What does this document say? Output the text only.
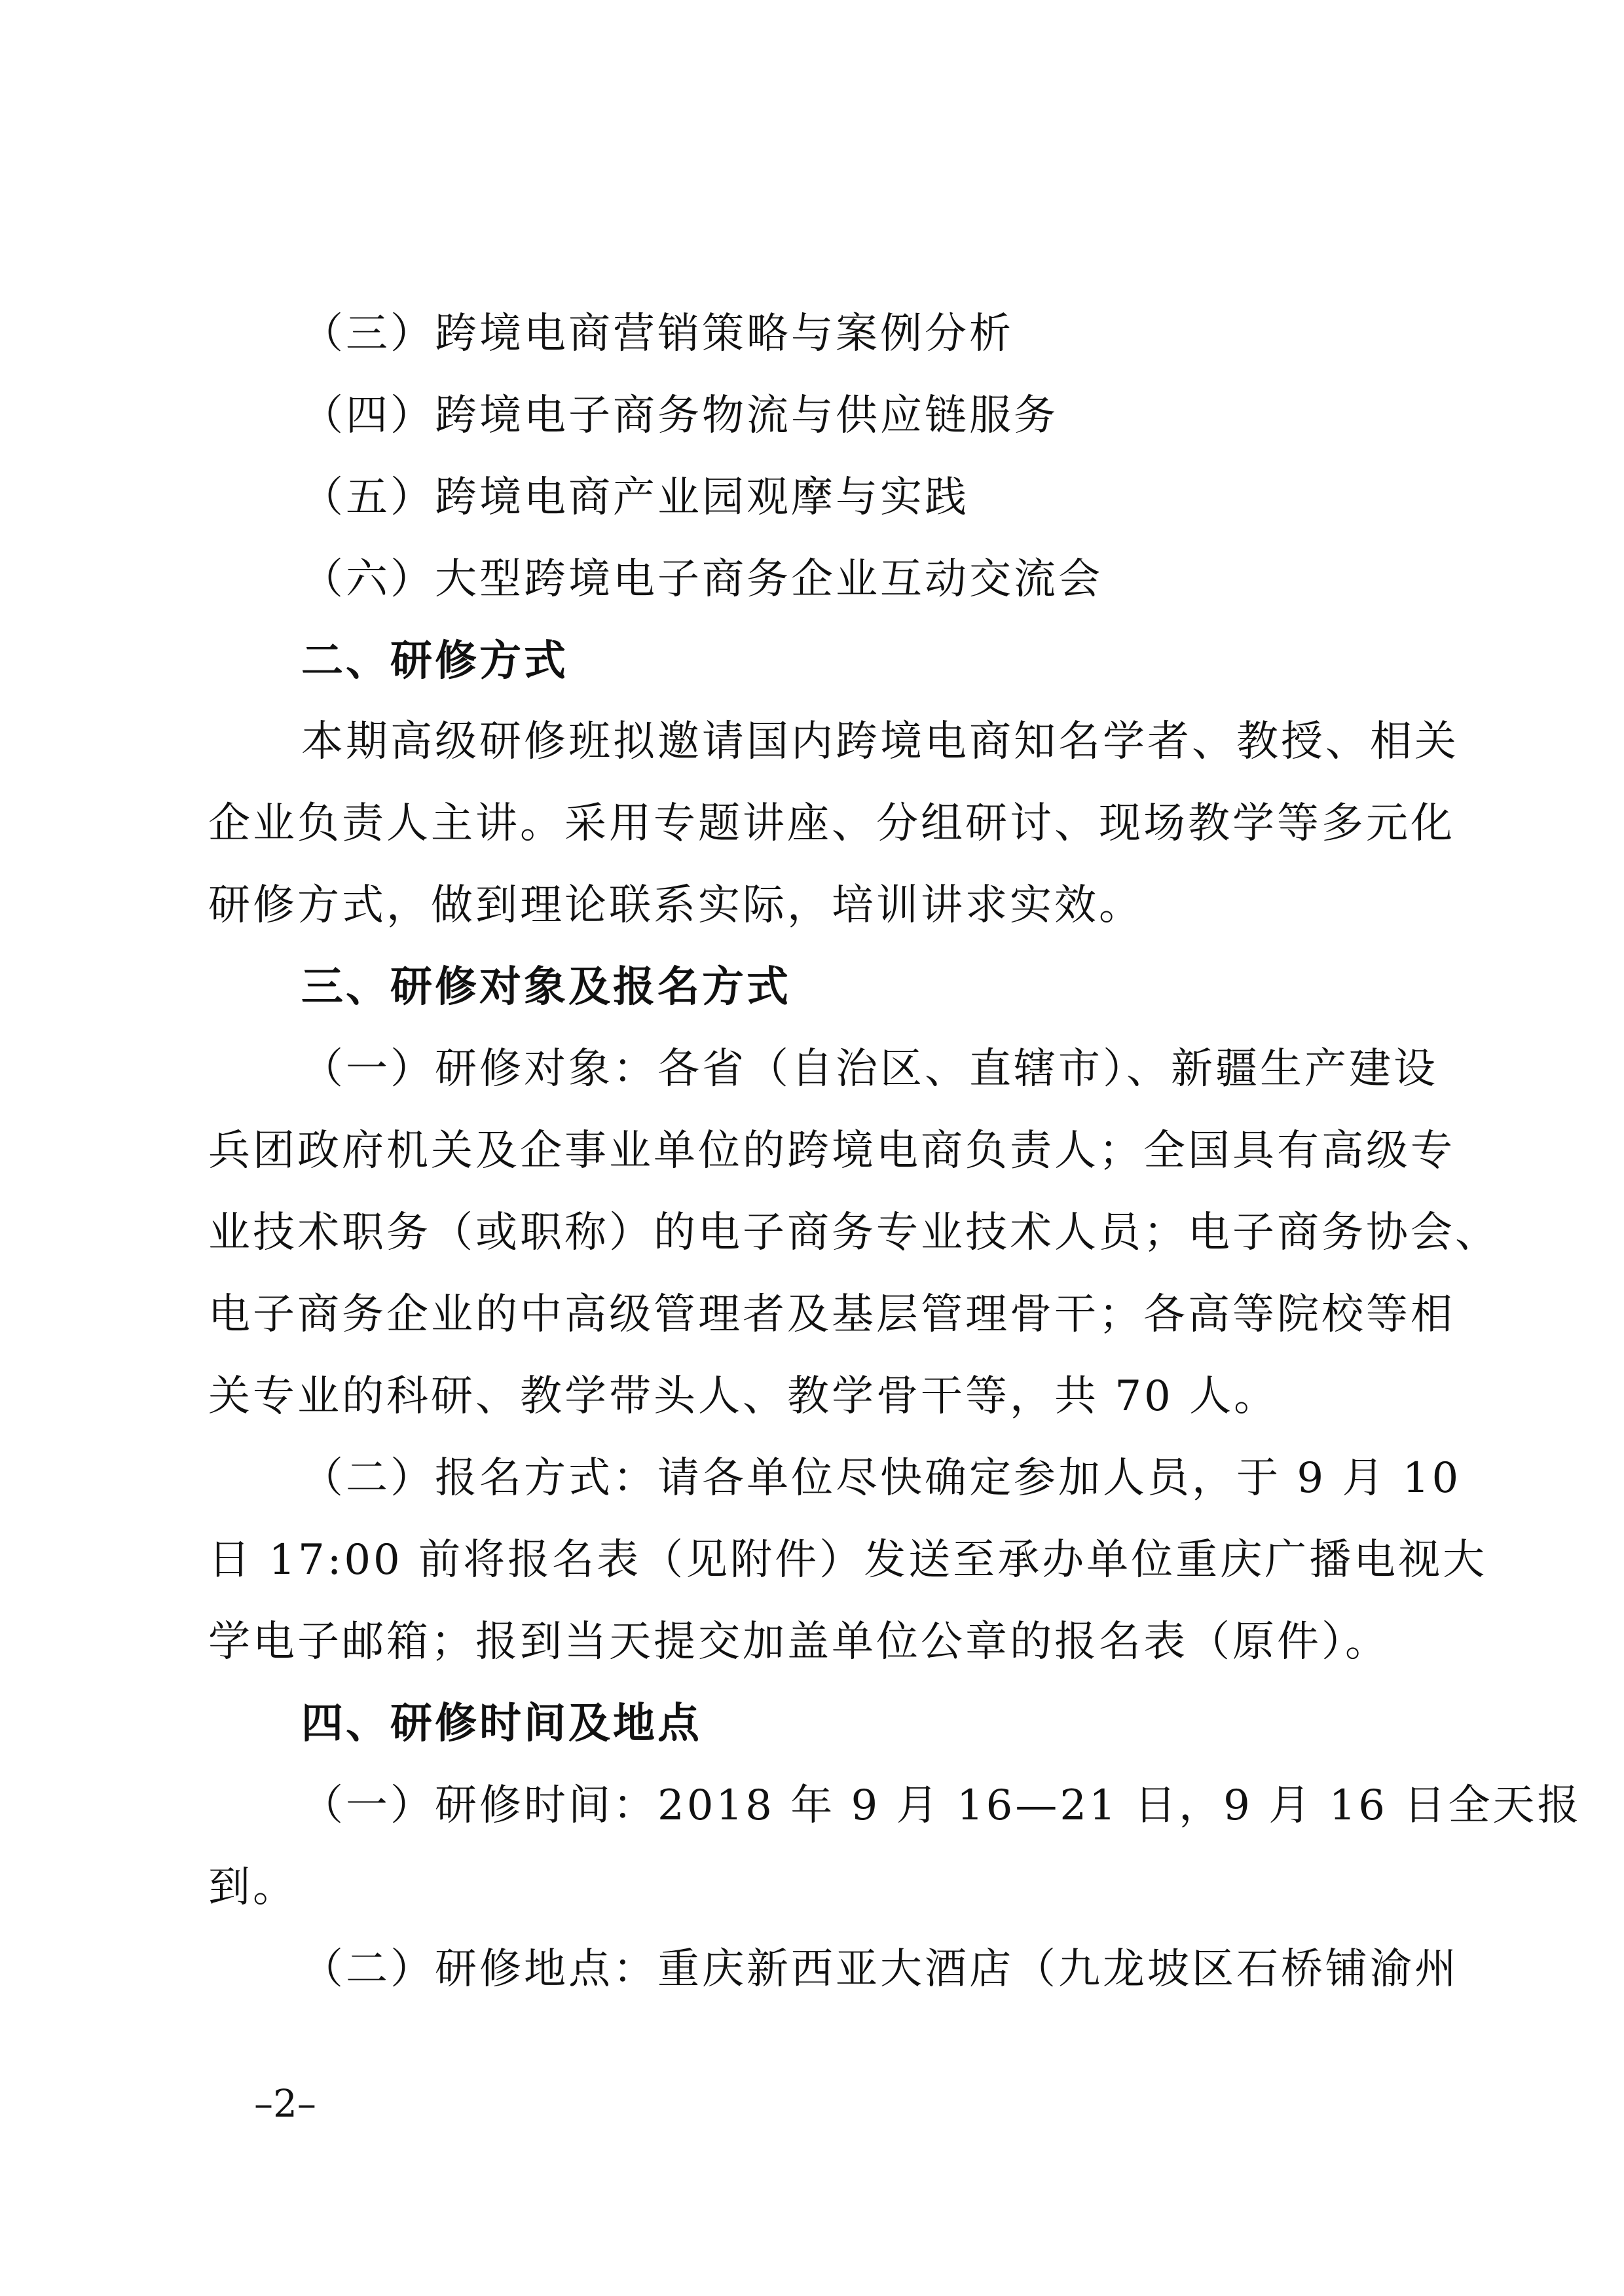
（三）跨境电商营销策略与案例分析
（四）跨境电子商务物流与供应链服务
（五）跨境电商产业园观摩与实践
（六）大型跨境电子商务企业互动交流会
二、研修方式
本期高级研修班拟邀请国内跨境电商知名学者、教授、相关
企业负责人主讲。采用专题讲座、分组研讨、现场教学等多元化
研修方式，做到理论联系实际，培训讲求实效。
三、研修对象及报名方式
（一）研修对象：各省（自治区、直辖市）、新疆生产建设
兵团政府机关及企事业单位的跨境电商负责人；全国具有高级专
业技术职务（或职称）的电子商务专业技术人员；电子商务协会、
电子商务企业的中高级管理者及基层管理骨干；各高等院校等相
关专业的科研、教学带头人、教学骨干等，共 70 人。
（二）报名方式：请各单位尽快确定参加人员，于 9 月 10
日 17:00 前将报名表（见附件）发送至承办单位重庆广播电视大
学电子邮箱；报到当天提交加盖单位公章的报名表（原件）。
四、研修时间及地点
（一）研修时间：2018 年 9 月 16—21 日，9 月 16 日全天报
到。
（二）研修地点：重庆新西亚大酒店（九龙坡区石桥铺渝州
–2–
